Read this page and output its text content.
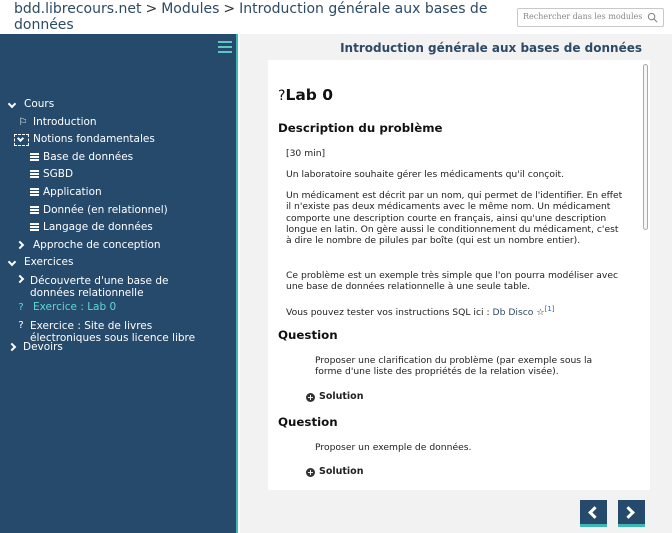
bdd.librecours.net > Modules > Introduction générale aux bases de données
Rechercher dans les modules
Cours
⚐ Introduction
Notions fondamentales
Base de données
SGBD
Application
Donnée (en relationnel)
Langage de données
Approche de conception
Exercices
Découverte d'une base de données relationnelle
? Exercice : Lab 0
? Exercice : Site de livres électroniques sous licence libre
Devoirs
Introduction générale aux bases de données
?Lab 0
Description du problème
[30 min]
Un laboratoire souhaite gérer les médicaments qu'il conçoit.
Un médicament est décrit par un nom, qui permet de l'identifier. En effet il n'existe pas deux médicaments avec le même nom. Un médicament comporte une description courte en français, ainsi qu'une description longue en latin. On gère aussi le conditionnement du médicament, c'est à dire le nombre de pilules par boîte (qui est un nombre entier).
Ce problème est un exemple très simple que l'on pourra modéliser avec une base de données relationnelle à une seule table.
Vous pouvez tester vos instructions SQL ici : Db Disco ☆[1]
Question
Proposer une clarification du problème (par exemple sous la forme d'une liste des propriétés de la relation visée).
+ Solution
Question
Proposer un exemple de données.
+ Solution
